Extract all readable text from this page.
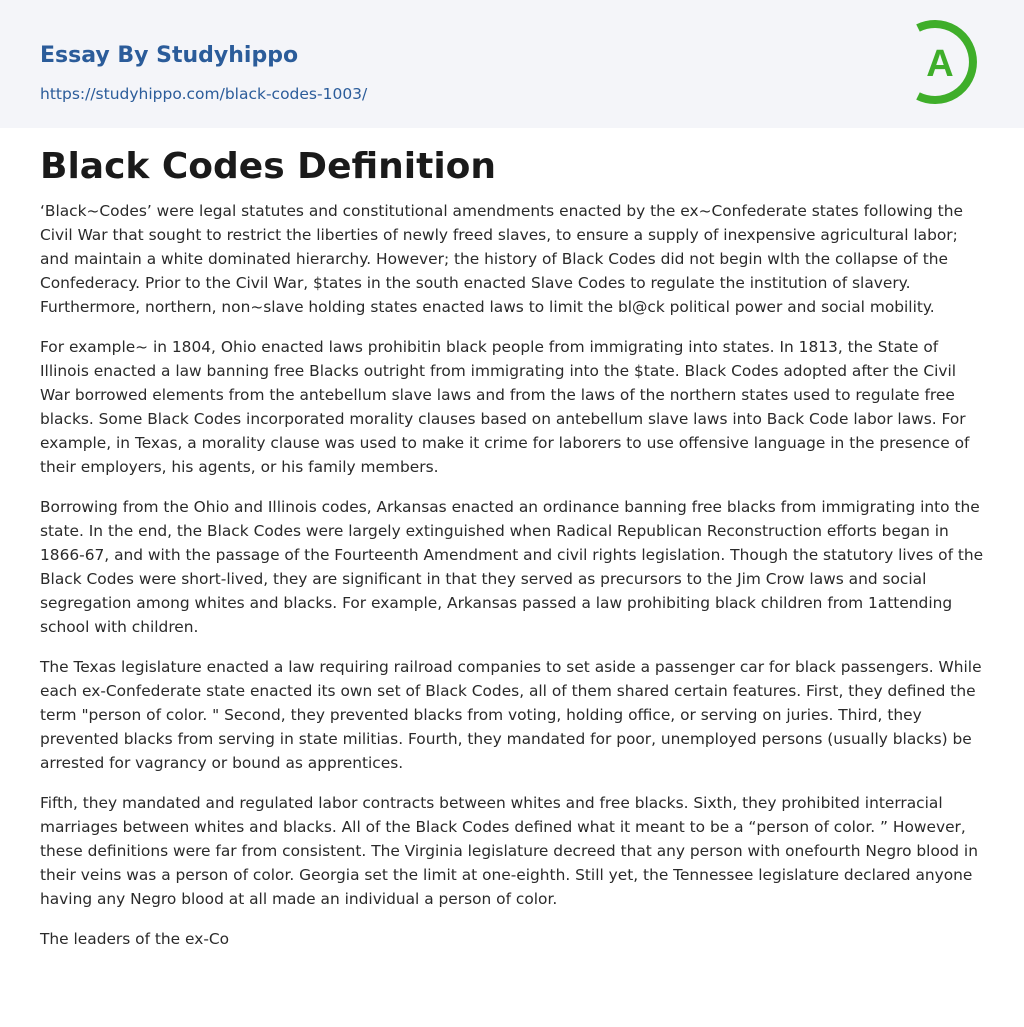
Essay By Studyhippo
https://studyhippo.com/black-codes-1003/
A
Black Codes Definition

‘Black~Codes’ were legal statutes and constitutional amendments enacted by the ex~Confederate states following the Civil War that sought to restrict the liberties of newly freed slaves, to ensure a supply of inexpensive agricultural labor; and maintain a white dominated hierarchy. However; the history of Black Codes did not begin wlth the collapse of the Confederacy. Prior to the Civil War, $tates in the south enacted Slave Codes to regulate the institution of slavery. Furthermore, northern, non~slave holding states enacted laws to limit the bl@ck political power and social mobility.

For example~ in 1804, Ohio enacted laws prohibitin black people from immigrating into states. In 1813, the State of Illinois enacted a law banning free Blacks outright from immigrating into the $tate. Black Codes adopted after the Civil War borrowed elements from the antebellum slave laws and from the laws of the northern states used to regulate free blacks. Some Black Codes incorporated morality clauses based on antebellum slave laws into Back Code labor laws. For example, in Texas, a morality clause was used to make it crime for laborers to use offensive language in the presence of their employers, his agents, or his family members.

Borrowing from the Ohio and Illinois codes, Arkansas enacted an ordinance banning free blacks from immigrating into the state. In the end, the Black Codes were largely extinguished when Radical Republican Reconstruction efforts began in 1866-67, and with the passage of the Fourteenth Amendment and civil rights legislation. Though the statutory lives of the Black Codes were short-lived, they are significant in that they served as precursors to the Jim Crow laws and social segregation among whites and blacks. For example, Arkansas passed a law prohibiting black children from 1attending school with children.

The Texas legislature enacted a law requiring railroad companies to set aside a passenger car for black passengers. While each ex-Confederate state enacted its own set of Black Codes, all of them shared certain features. First, they defined the term "person of color. " Second, they prevented blacks from voting, holding office, or serving on juries. Third, they prevented blacks from serving in state militias. Fourth, they mandated for poor, unemployed persons (usually blacks) be arrested for vagrancy or bound as apprentices.

Fifth, they mandated and regulated labor contracts between whites and free blacks. Sixth, they prohibited interracial marriages between whites and blacks. All of the Black Codes defined what it meant to be a “person of color. ” However, these definitions were far from consistent. The Virginia legislature decreed that any person with onefourth Negro blood in their veins was a person of color. Georgia set the limit at one-eighth. Still yet, the Tennessee legislature declared anyone having any Negro blood at all made an individual a person of color.

The leaders of the ex-Co
